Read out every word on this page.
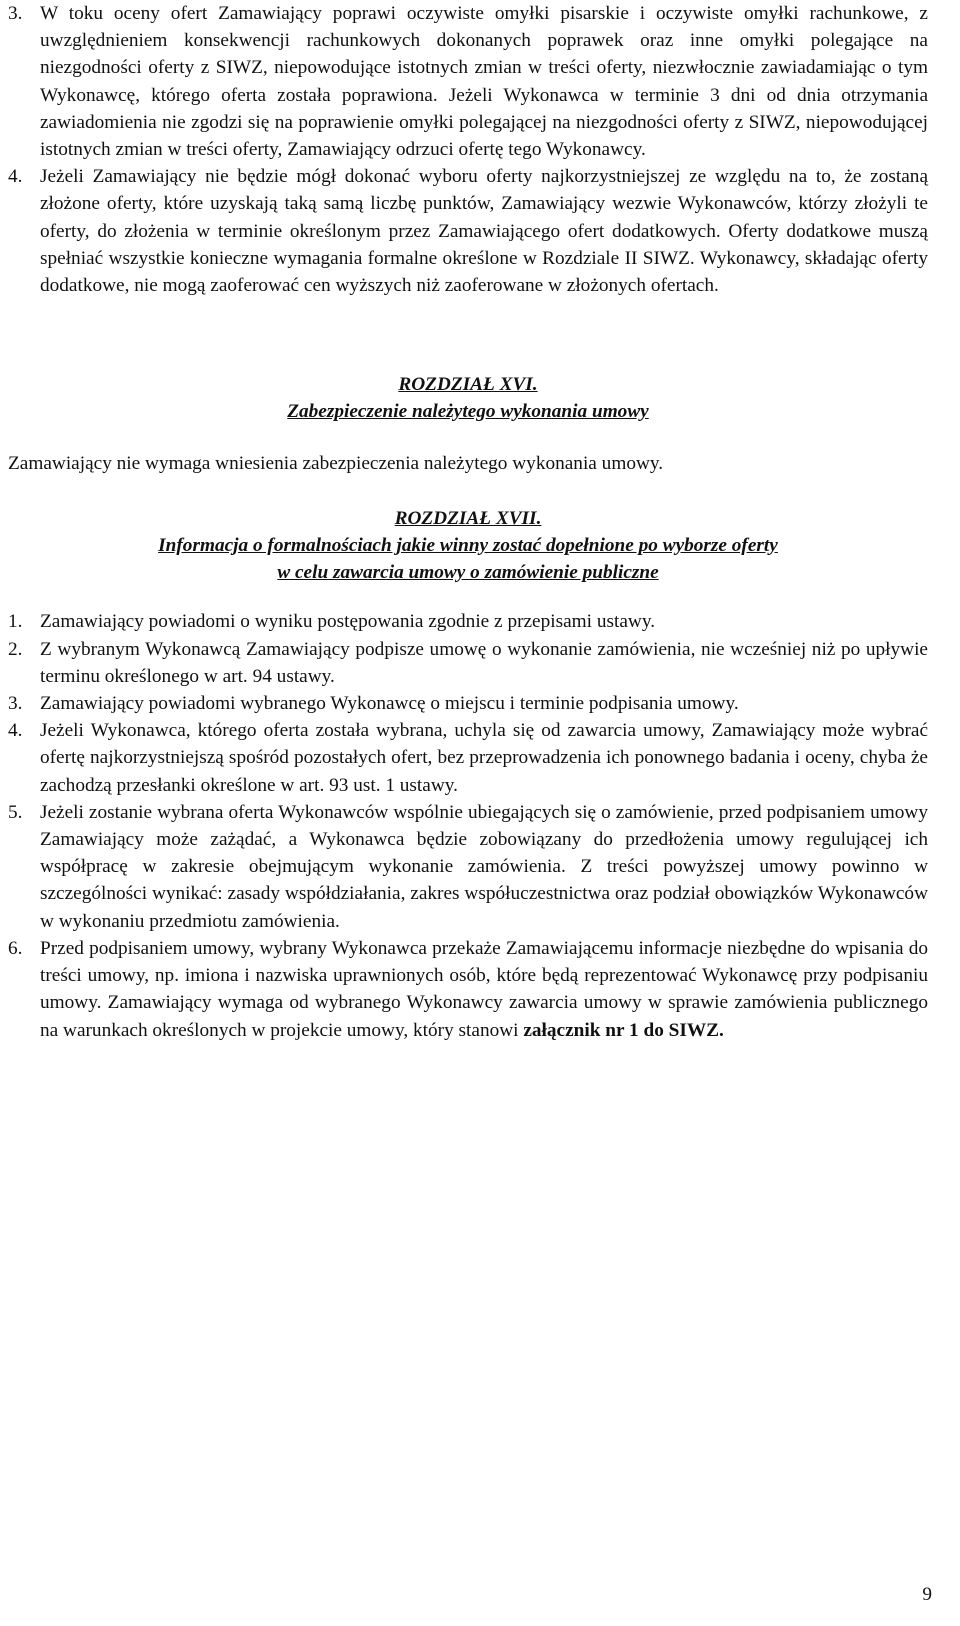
3. W toku oceny ofert Zamawiający poprawi oczywiste omyłki pisarskie i oczywiste omyłki rachunkowe, z uwzględnieniem konsekwencji rachunkowych dokonanych poprawek oraz inne omyłki polegające na niezgodności oferty z SIWZ, niepowodujące istotnych zmian w treści oferty, niezwłocznie zawiadamiając o tym Wykonawcę, którego oferta została poprawiona. Jeżeli Wykonawca w terminie 3 dni od dnia otrzymania zawiadomienia nie zgodzi się na poprawienie omyłki polegającej na niezgodności oferty z SIWZ, niepowodującej istotnych zmian w treści oferty, Zamawiający odrzuci ofertę tego Wykonawcy.
4. Jeżeli Zamawiający nie będzie mógł dokonać wyboru oferty najkorzystniejszej ze względu na to, że zostaną złożone oferty, które uzyskają taką samą liczbę punktów, Zamawiający wezwie Wykonawców, którzy złożyli te oferty, do złożenia w terminie określonym przez Zamawiającego ofert dodatkowych. Oferty dodatkowe muszą spełniać wszystkie konieczne wymagania formalne określone w Rozdziale II SIWZ. Wykonawcy, składając oferty dodatkowe, nie mogą zaoferować cen wyższych niż zaoferowane w złożonych ofertach.

ROZDZIAŁ XVI.

Zabezpieczenie należytego wykonania umowy

Zamawiający nie wymaga wniesienia zabezpieczenia należytego wykonania umowy.

ROZDZIAŁ XVII.

Informacja o formalnościach jakie winny zostać dopełnione po wyborze oferty

w celu zawarcia umowy o zamówienie publiczne

1. Zamawiający powiadomi o wyniku postępowania zgodnie z przepisami ustawy.
2. Z wybranym Wykonawcą Zamawiający podpisze umowę o wykonanie zamówienia, nie wcześniej niż po upływie terminu określonego w art. 94 ustawy.
3. Zamawiający powiadomi wybranego Wykonawcę o miejscu i terminie podpisania umowy.
4. Jeżeli Wykonawca, którego oferta została wybrana, uchyla się od zawarcia umowy, Zamawiający może wybrać ofertę najkorzystniejszą spośród pozostałych ofert, bez przeprowadzenia ich ponownego badania i oceny, chyba że zachodzą przesłanki określone w art. 93 ust. 1 ustawy.
5. Jeżeli zostanie wybrana oferta Wykonawców wspólnie ubiegających się o zamówienie, przed podpisaniem umowy Zamawiający może zażądać, a Wykonawca będzie zobowiązany do przedłożenia umowy regulującej ich współpracę w zakresie obejmującym wykonanie zamówienia. Z treści powyższej umowy powinno w szczególności wynikać: zasady współdziałania, zakres współuczestnictwa oraz podział obowiązków Wykonawców w wykonaniu przedmiotu zamówienia.
6. Przed podpisaniem umowy, wybrany Wykonawca przekaże Zamawiającemu informacje niezbędne do wpisania do treści umowy, np. imiona i nazwiska uprawnionych osób, które będą reprezentować Wykonawcę przy podpisaniu umowy. Zamawiający wymaga od wybranego Wykonawcy zawarcia umowy w sprawie zamówienia publicznego na warunkach określonych w projekcie umowy, który stanowi załącznik nr 1 do SIWZ.
9
